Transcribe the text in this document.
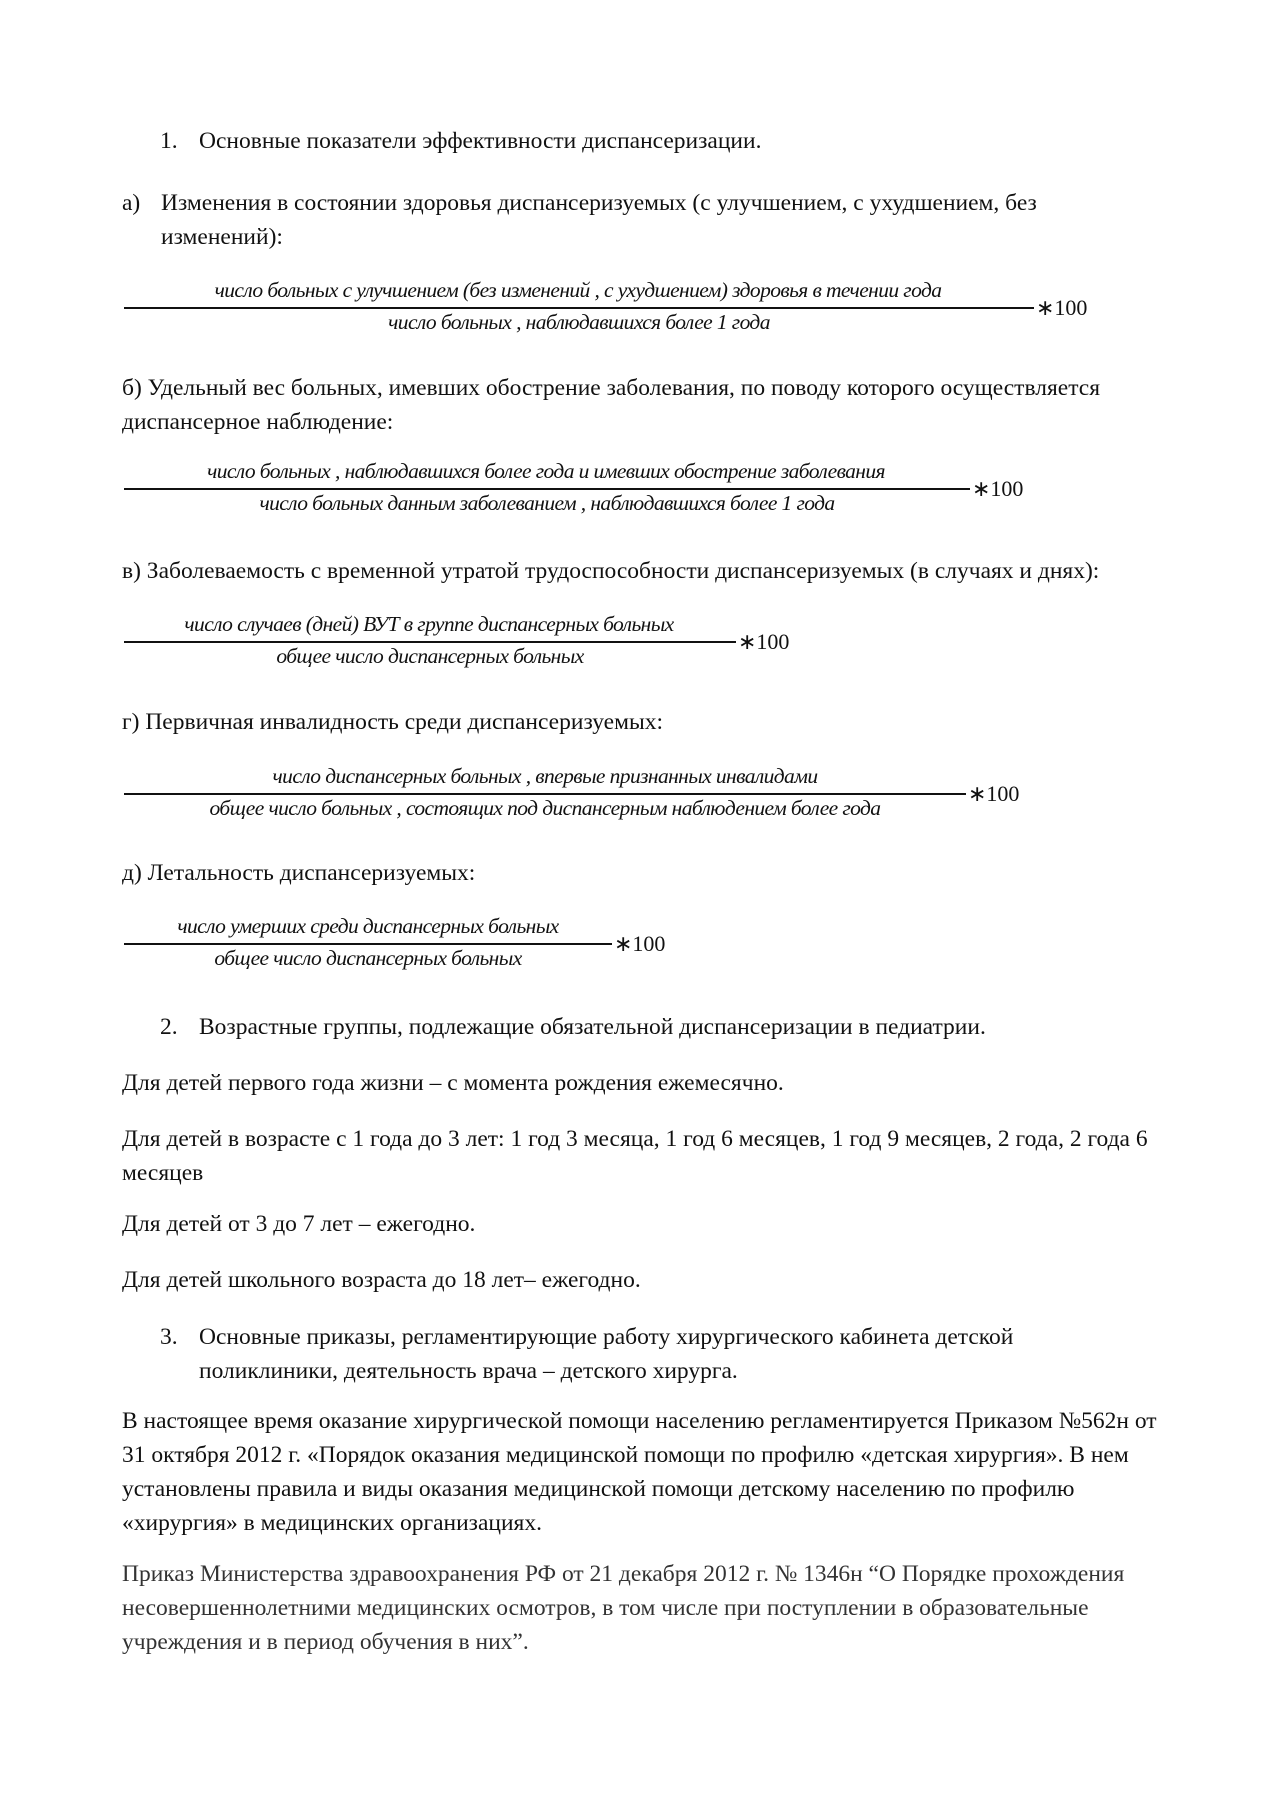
1. Основные показатели эффективности диспансеризации.
а) Изменения в состоянии здоровья диспансеризуемых (с улучшением, с ухудшением, без изменений):
число больных с улучшением (без изменений , с ухудшением) здоровья в течении года
число больных , наблюдавшихся более 1 года
∗100
б) Удельный вес больных, имевших обострение заболевания, по поводу которого осуществляется диспансерное наблюдение:
число больных , наблюдавшихся более года и имевших обострение заболевания
число больных данным заболеванием , наблюдавшихся более 1 года
∗100
в) Заболеваемость с временной утратой трудоспособности диспансеризуемых (в случаях и днях):
число случаев (дней) ВУТ в группе диспансерных больных
общее число диспансерных больных
∗100
г) Первичная инвалидность среди диспансеризуемых:
число диспансерных больных , впервые признанных инвалидами
общее число больных , состоящих под диспансерным наблюдением более года
∗100
д) Летальность диспансеризуемых:
число умерших среди диспансерных больных
общее число диспансерных больных
∗100
2. Возрастные группы, подлежащие обязательной диспансеризации в педиатрии.
Для детей первого года жизни – с момента рождения ежемесячно.
Для детей в возрасте с 1 года до 3 лет: 1 год 3 месяца, 1 год 6 месяцев, 1 год 9 месяцев, 2 года, 2 года 6 месяцев
Для детей от 3 до 7 лет – ежегодно.
Для детей школьного возраста до 18 лет– ежегодно.
3. Основные приказы, регламентирующие работу хирургического кабинета детской поликлиники, деятельность врача – детского хирурга.
В настоящее время оказание хирургической помощи населению регламентируется Приказом №562н от 31 октября 2012 г. «Порядок оказания медицинской помощи по профилю «детская хирургия». В нем установлены правила и виды оказания медицинской помощи детскому населению по профилю «хирургия» в медицинских организациях.
Приказ Министерства здравоохранения РФ от 21 декабря 2012 г. № 1346н “О Порядке прохождения несовершеннолетними медицинских осмотров, в том числе при поступлении в образовательные учреждения и в период обучения в них”.
